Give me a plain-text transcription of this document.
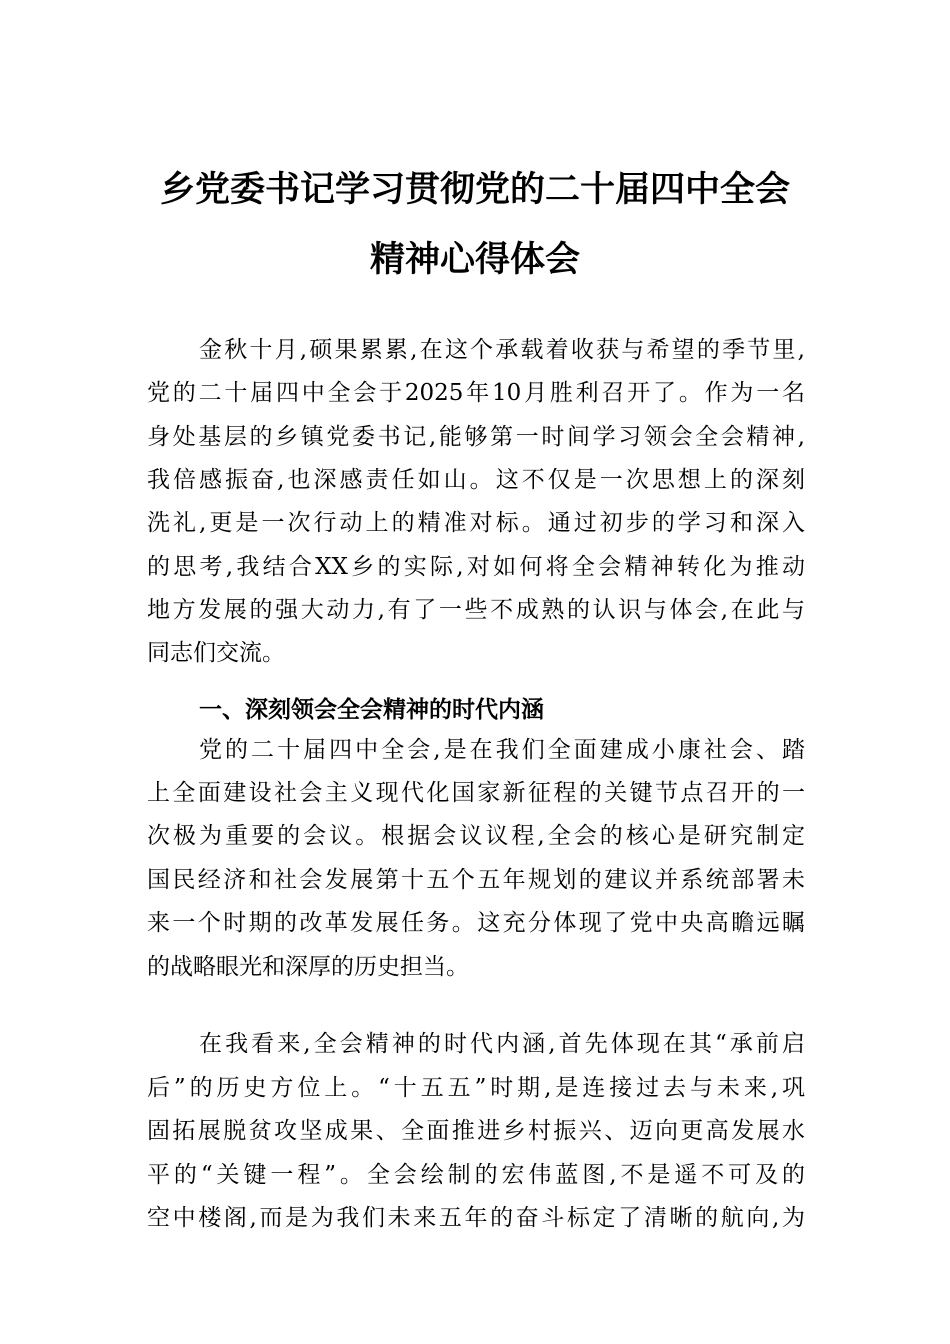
乡党委书记学习贯彻党的二十届四中全会
精神心得体会
金秋十月,硕果累累,在这个承载着收获与希望的季节里,
党的二十届四中全会于2025年10月胜利召开了。作为一名
身处基层的乡镇党委书记,能够第一时间学习领会全会精神,
我倍感振奋,也深感责任如山。这不仅是一次思想上的深刻
洗礼,更是一次行动上的精准对标。通过初步的学习和深入
的思考,我结合XX乡的实际,对如何将全会精神转化为推动
地方发展的强大动力,有了一些不成熟的认识与体会,在此与
同志们交流。
一、深刻领会全会精神的时代内涵
党的二十届四中全会,是在我们全面建成小康社会、踏
上全面建设社会主义现代化国家新征程的关键节点召开的一
次极为重要的会议。根据会议议程,全会的核心是研究制定
国民经济和社会发展第十五个五年规划的建议并系统部署未
来一个时期的改革发展任务。这充分体现了党中央高瞻远瞩
的战略眼光和深厚的历史担当。
在我看来,全会精神的时代内涵,首先体现在其“承前启
后”的历史方位上。“十五五”时期,是连接过去与未来,巩
固拓展脱贫攻坚成果、全面推进乡村振兴、迈向更高发展水
平的“关键一程”。全会绘制的宏伟蓝图,不是遥不可及的
空中楼阁,而是为我们未来五年的奋斗标定了清晰的航向,为
